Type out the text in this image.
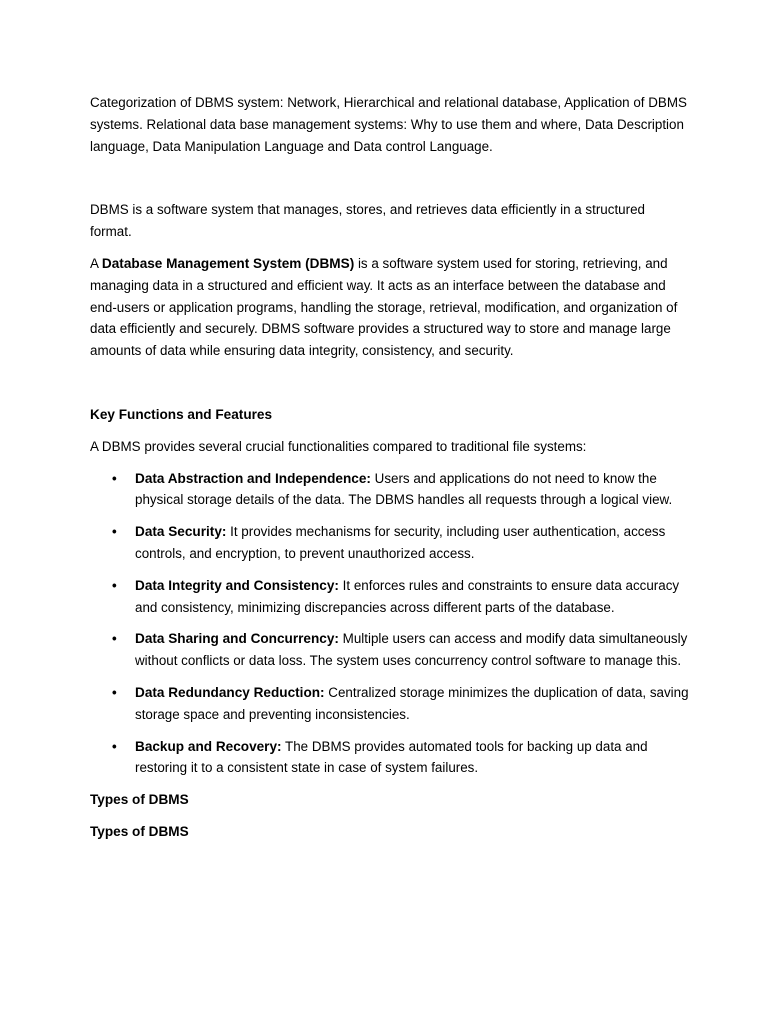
Categorization of DBMS system: Network, Hierarchical and relational database, Application of DBMS systems. Relational data base management systems: Why to use them and where, Data Description language, Data Manipulation Language and Data control Language.

DBMS is a software system that manages, stores, and retrieves data efficiently in a structured format.

A Database Management System (DBMS) is a software system used for storing, retrieving, and managing data in a structured and efficient way. It acts as an interface between the database and end-users or application programs, handling the storage, retrieval, modification, and organization of data efficiently and securely. DBMS software provides a structured way to store and manage large amounts of data while ensuring data integrity, consistency, and security.

Key Functions and Features

A DBMS provides several crucial functionalities compared to traditional file systems:

• Data Abstraction and Independence: Users and applications do not need to know the physical storage details of the data. The DBMS handles all requests through a logical view.
• Data Security: It provides mechanisms for security, including user authentication, access controls, and encryption, to prevent unauthorized access.
• Data Integrity and Consistency: It enforces rules and constraints to ensure data accuracy and consistency, minimizing discrepancies across different parts of the database.
• Data Sharing and Concurrency: Multiple users can access and modify data simultaneously without conflicts or data loss. The system uses concurrency control software to manage this.
• Data Redundancy Reduction: Centralized storage minimizes the duplication of data, saving storage space and preventing inconsistencies.
• Backup and Recovery: The DBMS provides automated tools for backing up data and restoring it to a consistent state in case of system failures.

Types of DBMS

Types of DBMS
